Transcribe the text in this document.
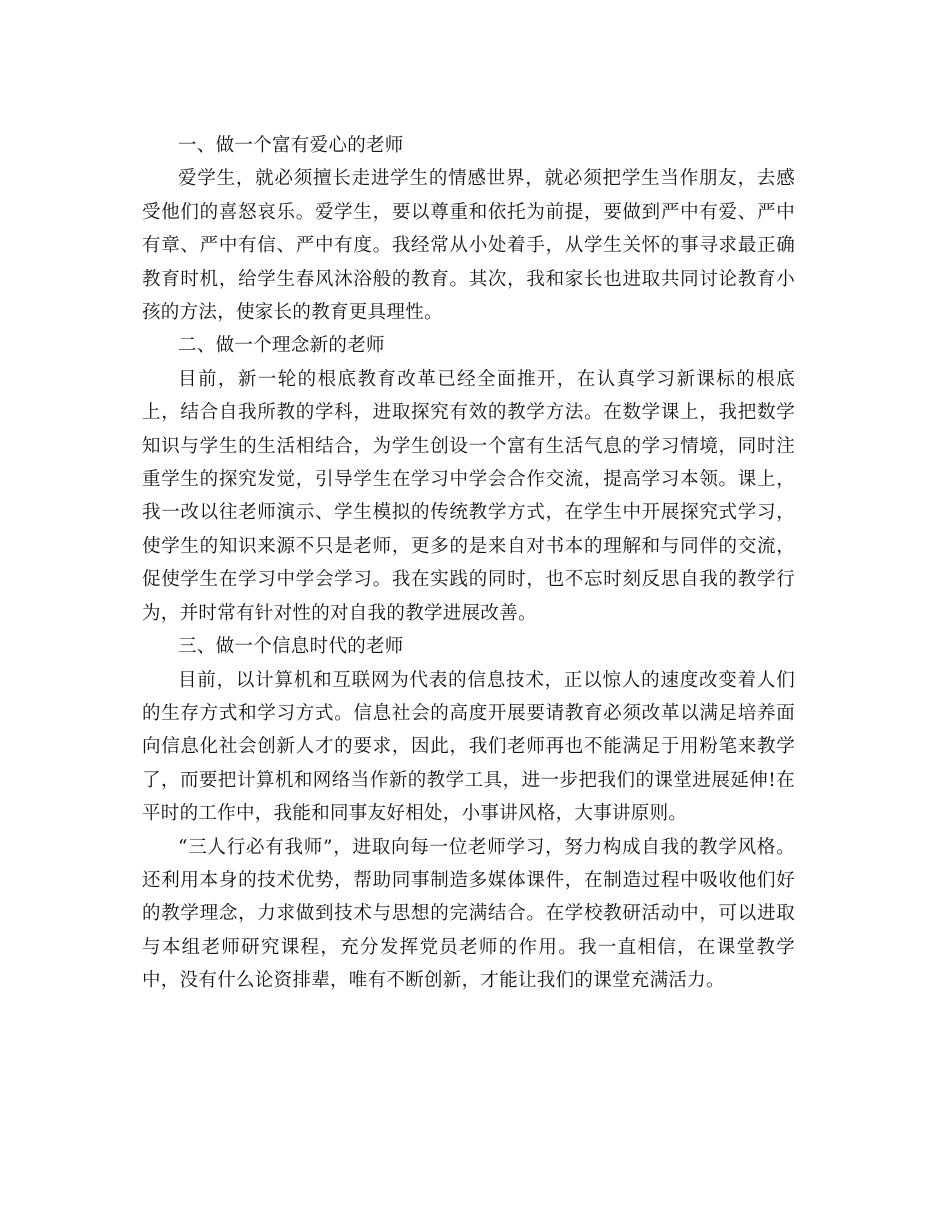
一、做一个富有爱心的老师

爱学生，就必须擅长走进学生的情感世界，就必须把学生当作朋友，去感受他们的喜怒哀乐。爱学生，要以尊重和依托为前提，要做到严中有爱、严中有章、严中有信、严中有度。我经常从小处着手，从学生关怀的事寻求最正确教育时机，给学生春风沐浴般的教育。其次，我和家长也进取共同讨论教育小孩的方法，使家长的教育更具理性。

二、做一个理念新的老师

目前，新一轮的根底教育改革已经全面推开，在认真学习新课标的根底上，结合自我所教的学科，进取探究有效的教学方法。在数学课上，我把数学知识与学生的生活相结合，为学生创设一个富有生活气息的学习情境，同时注重学生的探究发觉，引导学生在学习中学会合作交流，提高学习本领。课上，我一改以往老师演示、学生模拟的传统教学方式，在学生中开展探究式学习，使学生的知识来源不只是老师，更多的是来自对书本的理解和与同伴的交流，促使学生在学习中学会学习。我在实践的同时，也不忘时刻反思自我的教学行为，并时常有针对性的对自我的教学进展改善。

三、做一个信息时代的老师

目前，以计算机和互联网为代表的信息技术，正以惊人的速度改变着人们的生存方式和学习方式。信息社会的高度开展要请教育必须改革以满足培养面向信息化社会创新人才的要求，因此，我们老师再也不能满足于用粉笔来教学了，而要把计算机和网络当作新的教学工具，进一步把我们的课堂进展延伸!在平时的工作中，我能和同事友好相处，小事讲风格，大事讲原则。

“三人行必有我师”，进取向每一位老师学习，努力构成自我的教学风格。还利用本身的技术优势，帮助同事制造多媒体课件，在制造过程中吸收他们好的教学理念，力求做到技术与思想的完满结合。在学校教研活动中，可以进取与本组老师研究课程，充分发挥党员老师的作用。我一直相信，在课堂教学中，没有什么论资排辈，唯有不断创新，才能让我们的课堂充满活力。
